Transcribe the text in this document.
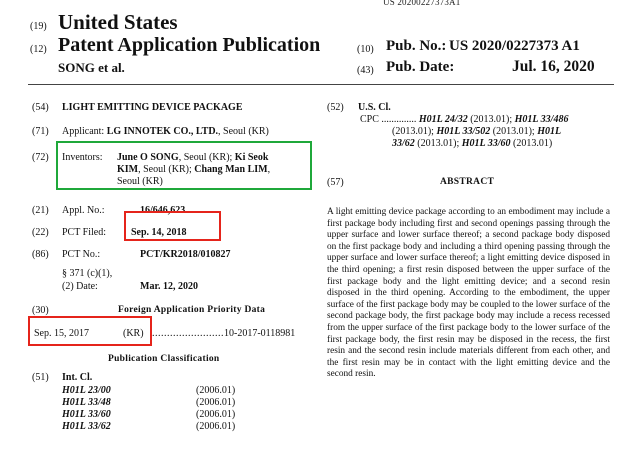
US 20200227373A1
(19) United States
(12) Patent Application Publication
SONG et al.
(10) Pub. No.: US 2020/0227373 A1
(43) Pub. Date:	Jul. 16, 2020
(54) LIGHT EMITTING DEVICE PACKAGE
(71) Applicant: LG INNOTEK CO., LTD., Seoul (KR)
(72) Inventors: June O SONG, Seoul (KR); Ki Seok
KIM, Seoul (KR); Chang Man LIM,
Seoul (KR)
(21) Appl. No.:	16/646,623
(22) PCT Filed:	Sep. 14, 2018
(86) PCT No.:	PCT/KR2018/010827
§ 371 (c)(1),
(2) Date:	Mar. 12, 2020
(30)	Foreign Application Priority Data
Sep. 15, 2017	(KR) ........................ 10-2017-0118981
Publication Classification
(51) Int. Cl.
H01L 23/00	(2006.01)
H01L 33/48	(2006.01)
H01L 33/60	(2006.01)
H01L 33/62	(2006.01)
(52) U.S. Cl.
CPC .............. H01L 24/32 (2013.01); H01L 33/486
(2013.01); H01L 33/502 (2013.01); H01L
33/62 (2013.01); H01L 33/60 (2013.01)
(57)	ABSTRACT
A light emitting device package according to an embodiment may include a first package body including first and second openings passing through the upper surface and lower surface thereof; a second package body disposed on the first package body and including a third opening passing through the upper surface and lower surface thereof; a light emitting device disposed in the third opening; a first resin disposed between the upper surface of the first package body and the light emitting device; and a second resin disposed in the third opening. According to the embodiment, the upper surface of the first package body may be coupled to the lower surface of the second package body, the first package body may include a recess recessed from the upper surface of the first package body to the lower surface of the first package body, the first resin may be disposed in the recess, the first resin and the second resin include materials different from each other, and the first resin may be in contact with the light emitting device and the second resin.
